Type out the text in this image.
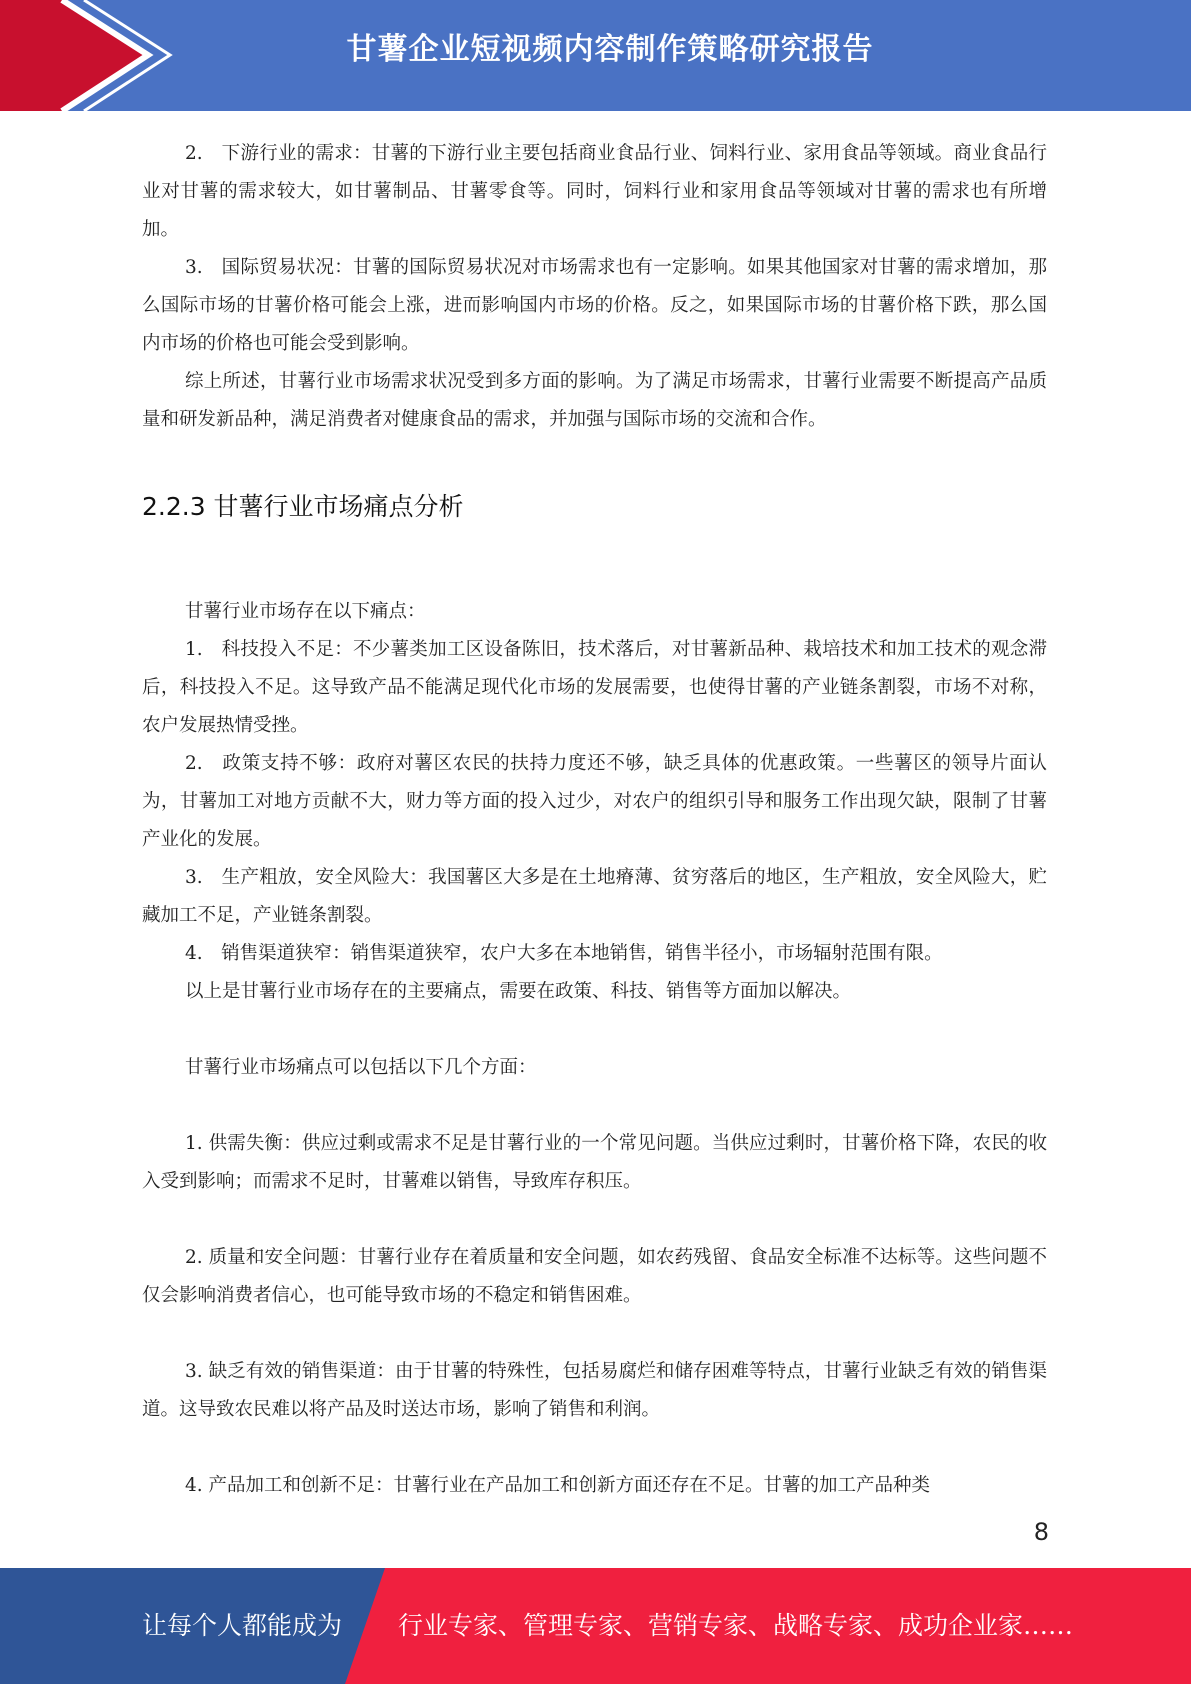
甘薯企业短视频内容制作策略研究报告

2.　下游行业的需求：甘薯的下游行业主要包括商业食品行业、饲料行业、家用食品等领域。商业食品行业对甘薯的需求较大，如甘薯制品、甘薯零食等。同时，饲料行业和家用食品等领域对甘薯的需求也有所增加。

3.　国际贸易状况：甘薯的国际贸易状况对市场需求也有一定影响。如果其他国家对甘薯的需求增加，那么国际市场的甘薯价格可能会上涨，进而影响国内市场的价格。反之，如果国际市场的甘薯价格下跌，那么国内市场的价格也可能会受到影响。

综上所述，甘薯行业市场需求状况受到多方面的影响。为了满足市场需求，甘薯行业需要不断提高产品质量和研发新品种，满足消费者对健康食品的需求，并加强与国际市场的交流和合作。

2.2.3 甘薯行业市场痛点分析

甘薯行业市场存在以下痛点：

1.　科技投入不足：不少薯类加工区设备陈旧，技术落后，对甘薯新品种、栽培技术和加工技术的观念滞后，科技投入不足。这导致产品不能满足现代化市场的发展需要，也使得甘薯的产业链条割裂，市场不对称，农户发展热情受挫。

2.　政策支持不够：政府对薯区农民的扶持力度还不够，缺乏具体的优惠政策。一些薯区的领导片面认为，甘薯加工对地方贡献不大，财力等方面的投入过少，对农户的组织引导和服务工作出现欠缺，限制了甘薯产业化的发展。

3.　生产粗放，安全风险大：我国薯区大多是在土地瘠薄、贫穷落后的地区，生产粗放，安全风险大，贮藏加工不足，产业链条割裂。

4.　销售渠道狭窄：销售渠道狭窄，农户大多在本地销售，销售半径小，市场辐射范围有限。

以上是甘薯行业市场存在的主要痛点，需要在政策、科技、销售等方面加以解决。

甘薯行业市场痛点可以包括以下几个方面：

1. 供需失衡：供应过剩或需求不足是甘薯行业的一个常见问题。当供应过剩时，甘薯价格下降，农民的收入受到影响；而需求不足时，甘薯难以销售，导致库存积压。

2. 质量和安全问题：甘薯行业存在着质量和安全问题，如农药残留、食品安全标准不达标等。这些问题不仅会影响消费者信心，也可能导致市场的不稳定和销售困难。

3. 缺乏有效的销售渠道：由于甘薯的特殊性，包括易腐烂和储存困难等特点，甘薯行业缺乏有效的销售渠道。这导致农民难以将产品及时送达市场，影响了销售和利润。

4. 产品加工和创新不足：甘薯行业在产品加工和创新方面还存在不足。甘薯的加工产品种类

8
让每个人都能成为 行业专家、管理专家、营销专家、战略专家、成功企业家……
